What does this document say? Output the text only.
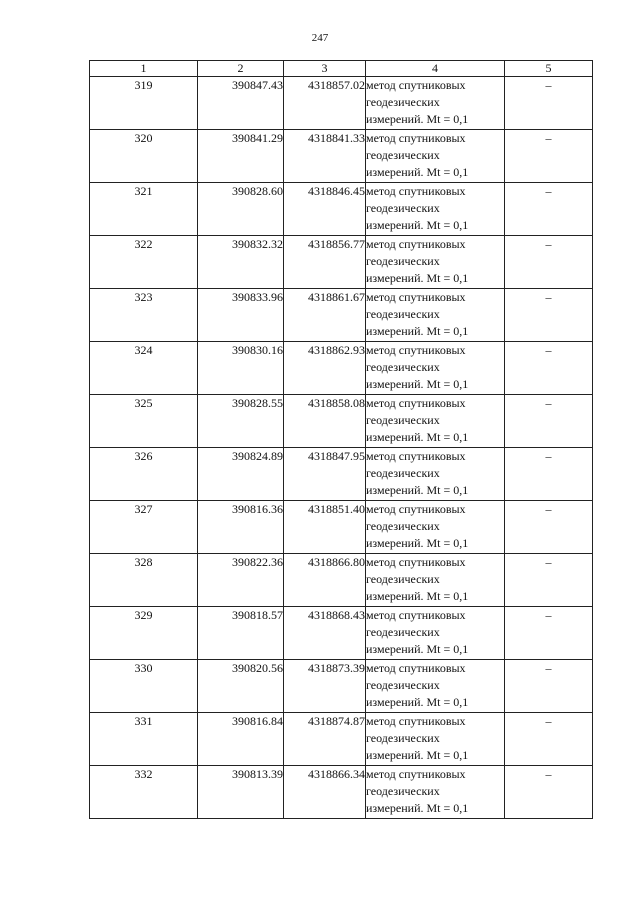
247
1	2	3	4	5
319	390847.43	4318857.02	метод спутниковых
геодезических
измерений. Mt = 0,1	–
320	390841.29	4318841.33	метод спутниковых
геодезических
измерений. Mt = 0,1	–
321	390828.60	4318846.45	метод спутниковых
геодезических
измерений. Mt = 0,1	–
322	390832.32	4318856.77	метод спутниковых
геодезических
измерений. Mt = 0,1	–
323	390833.96	4318861.67	метод спутниковых
геодезических
измерений. Mt = 0,1	–
324	390830.16	4318862.93	метод спутниковых
геодезических
измерений. Mt = 0,1	–
325	390828.55	4318858.08	метод спутниковых
геодезических
измерений. Mt = 0,1	–
326	390824.89	4318847.95	метод спутниковых
геодезических
измерений. Mt = 0,1	–
327	390816.36	4318851.40	метод спутниковых
геодезических
измерений. Mt = 0,1	–
328	390822.36	4318866.80	метод спутниковых
геодезических
измерений. Mt = 0,1	–
329	390818.57	4318868.43	метод спутниковых
геодезических
измерений. Mt = 0,1	–
330	390820.56	4318873.39	метод спутниковых
геодезических
измерений. Mt = 0,1	–
331	390816.84	4318874.87	метод спутниковых
геодезических
измерений. Mt = 0,1	–
332	390813.39	4318866.34	метод спутниковых
геодезических
измерений. Mt = 0,1	–
